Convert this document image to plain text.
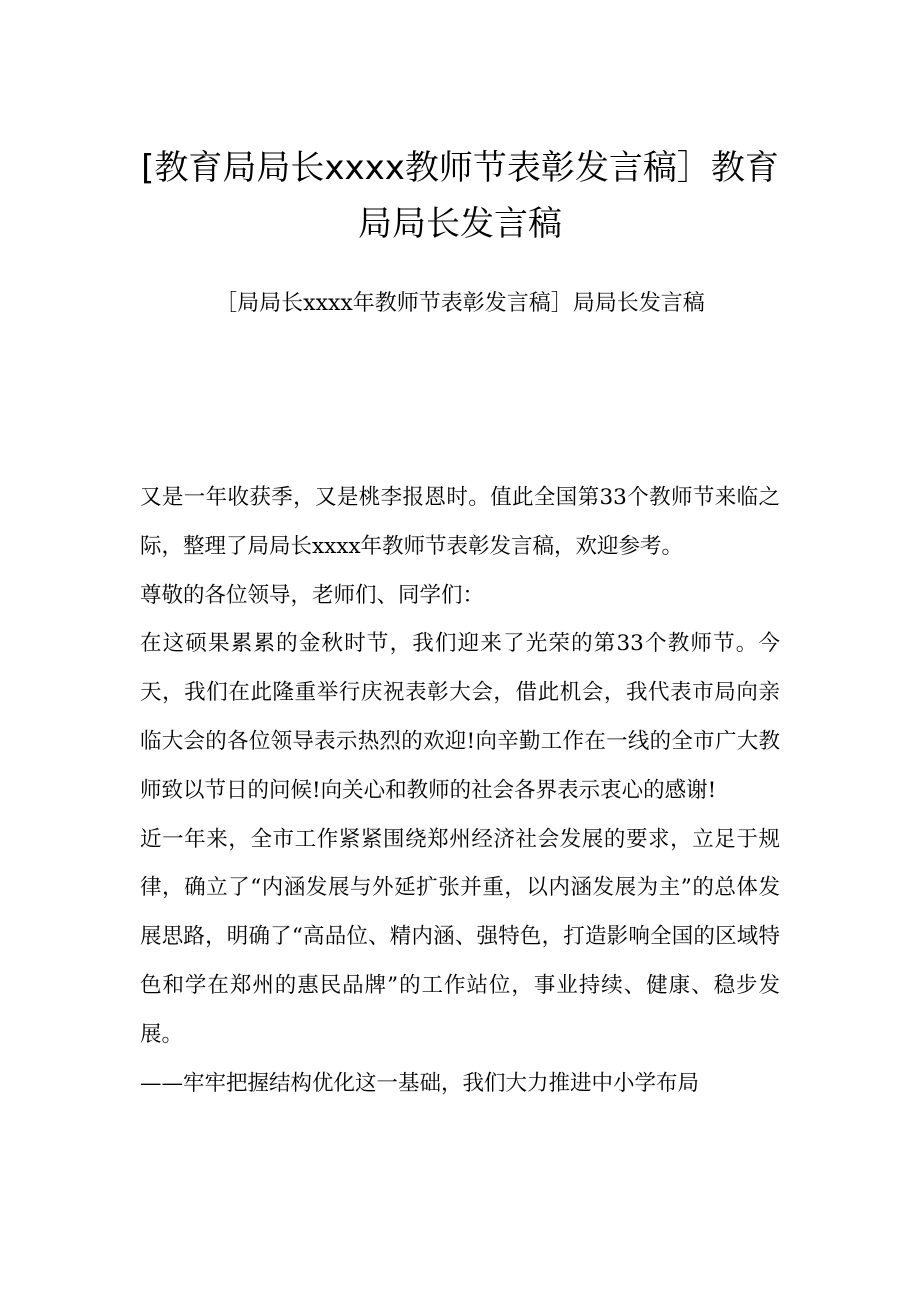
[教育局局长xxxx教师节表彰发言稿］教育
局局长发言稿

［局局长xxxx年教师节表彰发言稿］局局长发言稿

又是一年收获季，又是桃李报恩时。值此全国第33个教师节来临之际，整理了局局长xxxx年教师节表彰发言稿，欢迎参考。

尊敬的各位领导，老师们、同学们：

在这硕果累累的金秋时节，我们迎来了光荣的第33个教师节。今天，我们在此隆重举行庆祝表彰大会，借此机会，我代表市局向亲临大会的各位领导表示热烈的欢迎!向辛勤工作在一线的全市广大教师致以节日的问候!向关心和教师的社会各界表示衷心的感谢!

近一年来，全市工作紧紧围绕郑州经济社会发展的要求，立足于规律，确立了“内涵发展与外延扩张并重，以内涵发展为主”的总体发展思路，明确了“高品位、精内涵、强特色，打造影响全国的区域特色和学在郑州的惠民品牌”的工作站位，事业持续、健康、稳步发展。

——牢牢把握结构优化这一基础，我们大力推进中小学布局
